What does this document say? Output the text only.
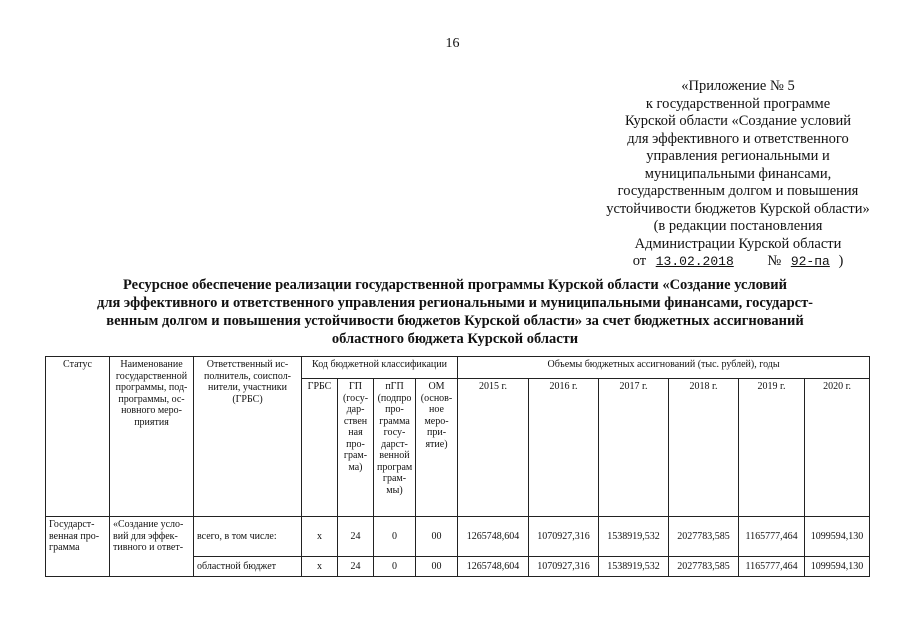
16
«Приложение № 5
к государственной программе
Курской области «Создание условий
для эффективного и ответственного
управления региональными и
муниципальными финансами,
государственным долгом и повышения
устойчивости бюджетов Курской области»
(в редакции постановления
Администрации Курской области
от 13.02.2018 № 92-па )
Ресурсное обеспечение реализации государственной программы Курской области «Создание условий
для эффективного и ответственного управления региональными и муниципальными финансами, государст-
венным долгом и повышения устойчивости бюджетов Курской области» за счет бюджетных ассигнований
областного бюджета Курской области
Статус	Наименование государственной программы, под-программы, ос-новного меро-приятия	Ответственный ис-полнитель, соиспол-нители, участники (ГРБС)	Код бюджетной классификации				Объемы бюджетных ассигнований (тыс. рублей), годы					
			ГРБС	ГП (госу-дар-ствен ная про-грам-ма)	пГП (подпро про-грамма госу-дарст-венной програм грам-мы)	ОМ (основ-ное меро-при-ятие)	2015 г.	2016 г.	2017 г.	2018 г.	2019 г.	2020 г.
Государст-венная про-грамма	«Создание усло-вий для эффек-тивного и ответ-	всего, в том числе:	х	24	0	00	1265748,604	1070927,316	1538919,532	2027783,585	1165777,464	1099594,130
		областной бюджет	х	24	0	00	1265748,604	1070927,316	1538919,532	2027783,585	1165777,464	1099594,130
